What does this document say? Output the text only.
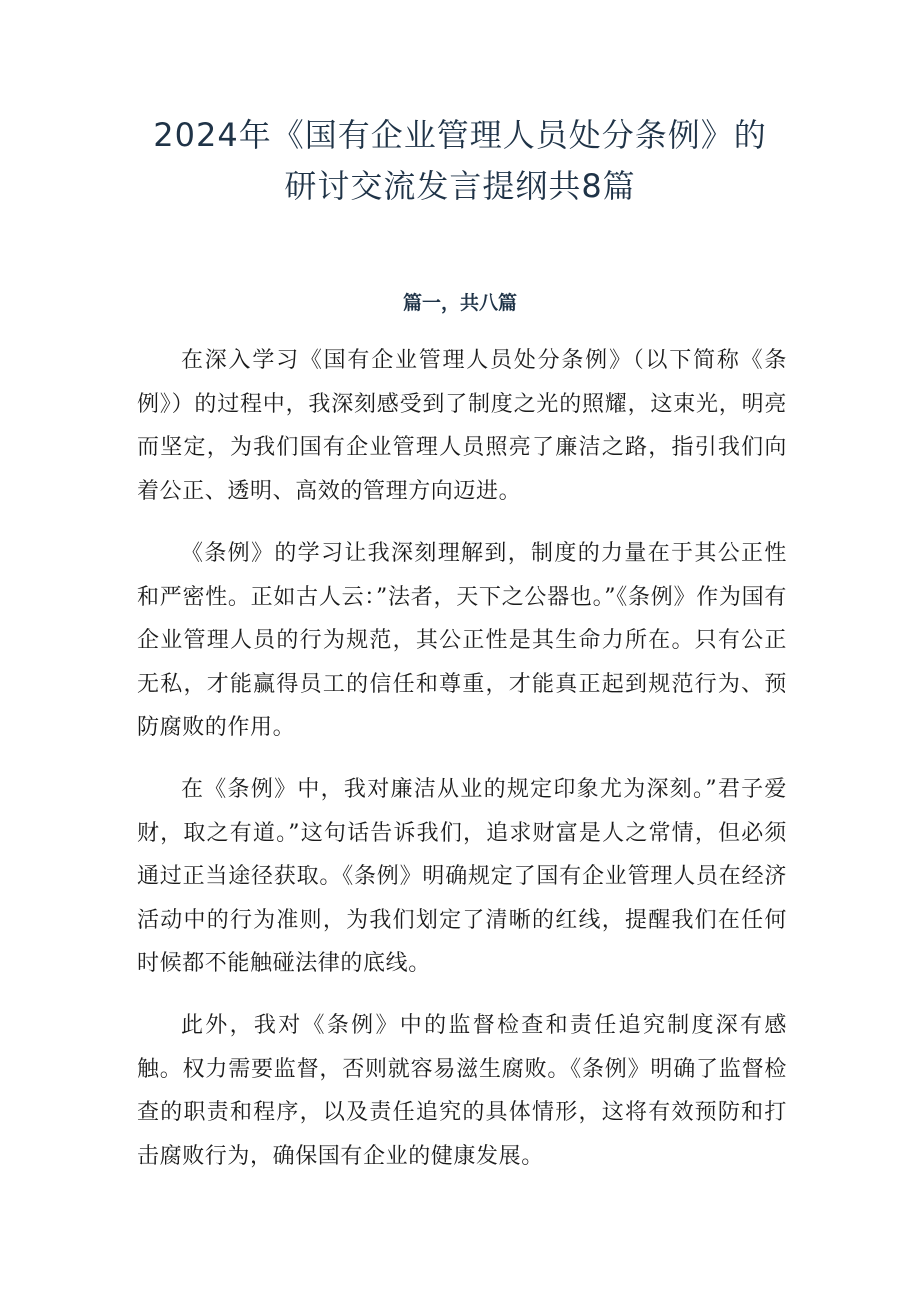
2024年《国有企业管理人员处分条例》的
研讨交流发言提纲共8篇
篇一，共八篇

在深入学习《国有企业管理人员处分条例》（以下简称《条例》）的过程中，我深刻感受到了制度之光的照耀，这束光，明亮而坚定，为我们国有企业管理人员照亮了廉洁之路，指引我们向着公正、透明、高效的管理方向迈进。

《条例》的学习让我深刻理解到，制度的力量在于其公正性和严密性。正如古人云：”法者，天下之公器也。”《条例》作为国有企业管理人员的行为规范，其公正性是其生命力所在。只有公正无私，才能赢得员工的信任和尊重，才能真正起到规范行为、预防腐败的作用。

在《条例》中，我对廉洁从业的规定印象尤为深刻。”君子爱财，取之有道。”这句话告诉我们，追求财富是人之常情，但必须通过正当途径获取。《条例》明确规定了国有企业管理人员在经济活动中的行为准则，为我们划定了清晰的红线，提醒我们在任何时候都不能触碰法律的底线。

此外，我对《条例》中的监督检查和责任追究制度深有感触。权力需要监督，否则就容易滋生腐败。《条例》明确了监督检查的职责和程序，以及责任追究的具体情形，这将有效预防和打击腐败行为，确保国有企业的健康发展。
